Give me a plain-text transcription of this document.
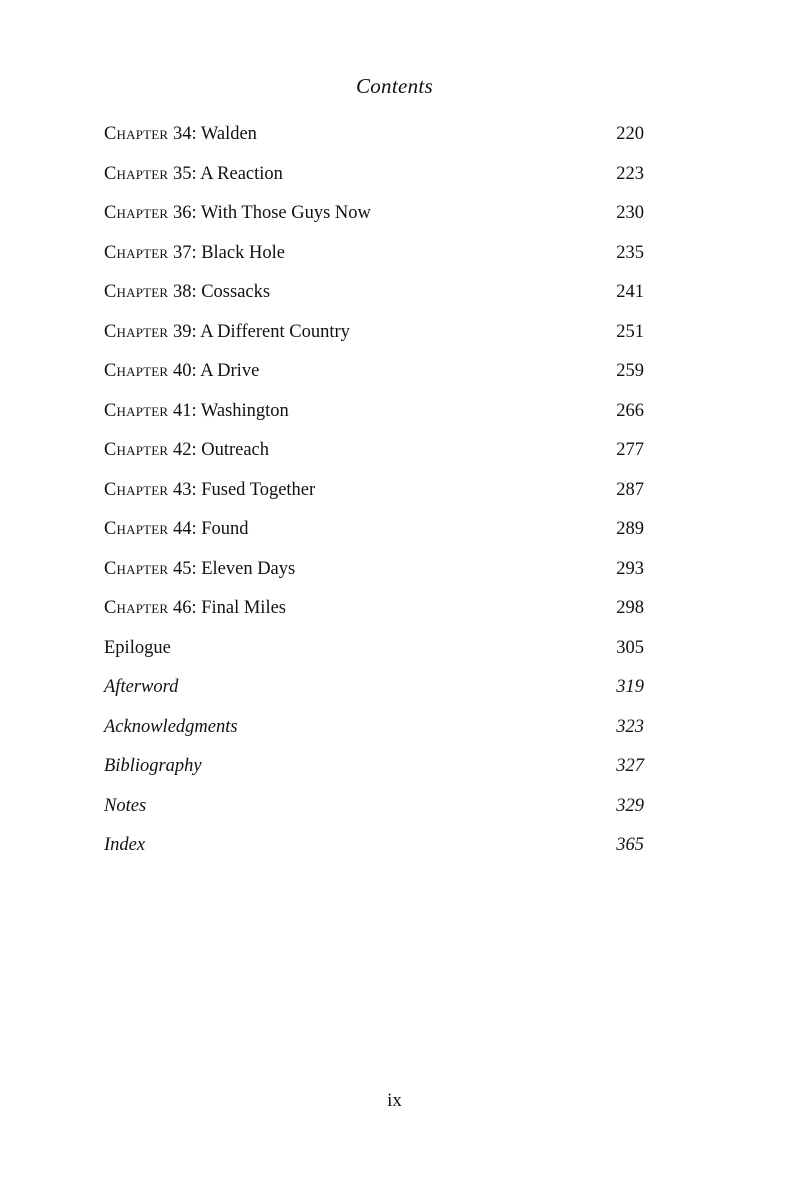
Contents
Chapter 34: Walden	220
Chapter 35: A Reaction	223
Chapter 36: With Those Guys Now	230
Chapter 37: Black Hole	235
Chapter 38: Cossacks	241
Chapter 39: A Different Country	251
Chapter 40: A Drive	259
Chapter 41: Washington	266
Chapter 42: Outreach	277
Chapter 43: Fused Together	287
Chapter 44: Found	289
Chapter 45: Eleven Days	293
Chapter 46: Final Miles	298
Epilogue	305
Afterword	319
Acknowledgments	323
Bibliography	327
Notes	329
Index	365
ix
